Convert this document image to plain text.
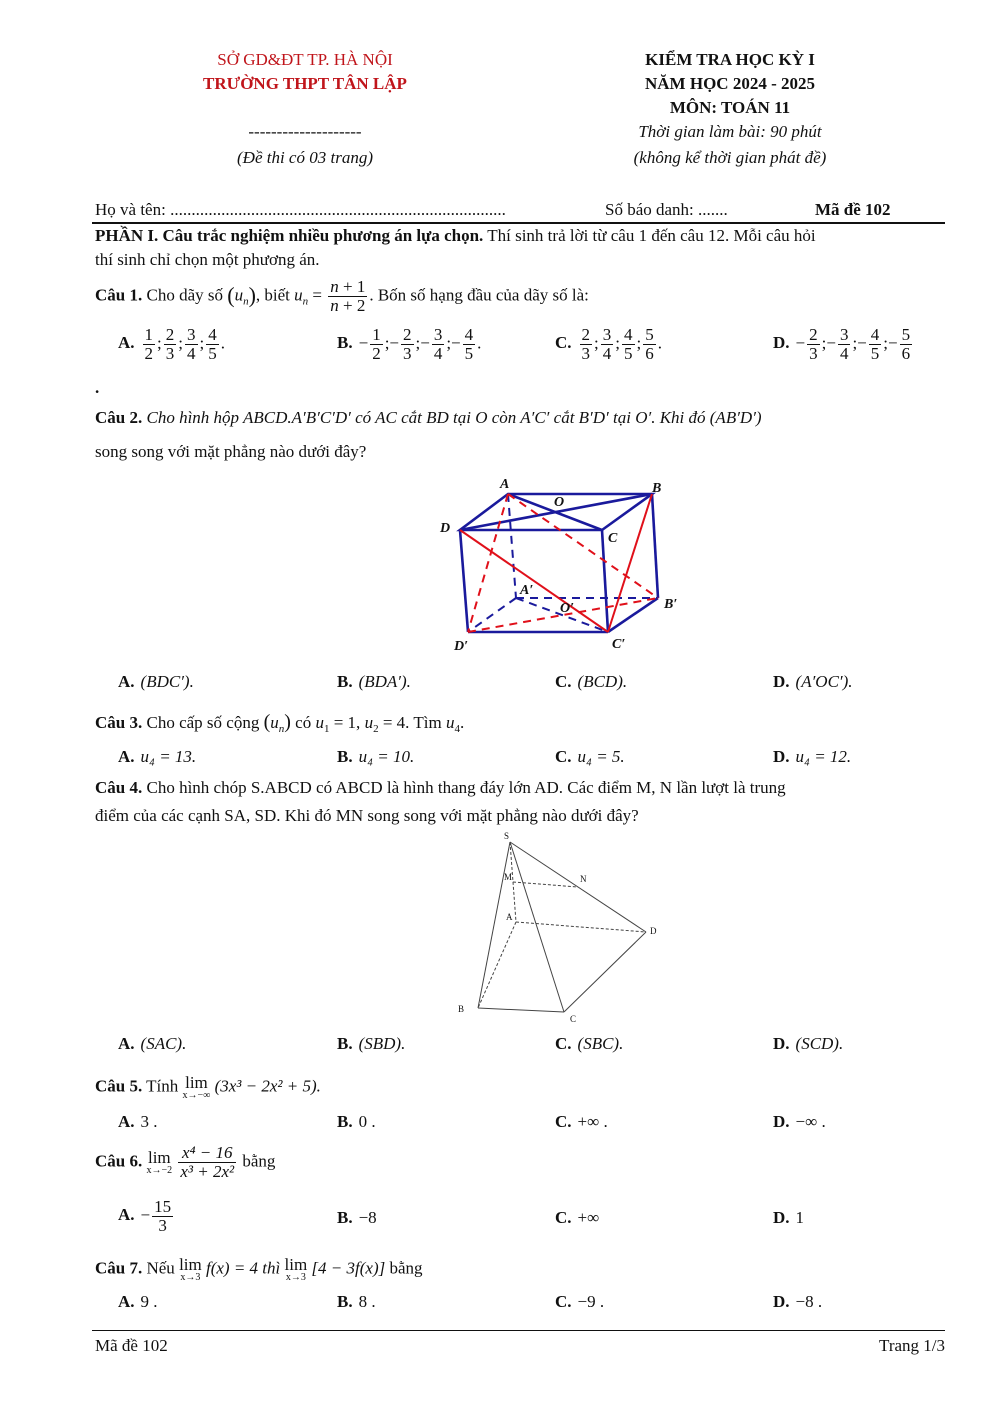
SỞ GD&ĐT TP. HÀ NỘI
TRƯỜNG THPT TÂN LẬP
--------------------
(Đề thi có 03 trang)
KIỂM TRA HỌC KỲ I
NĂM HỌC 2024 - 2025
MÔN: TOÁN 11
Thời gian làm bài: 90 phút
(không kể thời gian phát đề)
Họ và tên: ...............................................................................	Số báo danh: .......	Mã đề 102
PHẦN I. Câu trắc nghiệm nhiều phương án lựa chọn. Thí sinh trả lời từ câu 1 đến câu 12. Mỗi câu hỏi
thí sinh chỉ chọn một phương án.
Câu 1. Cho dãy số $(u_n)$, biết $u_n = \frac{n + 1}{n + 2}$ . Bốn số hạng đầu của dãy số là:
A. $\frac{1}{2}$ ; $\frac{2}{3}$ ; $\frac{3}{4}$ ; $\frac{4}{5}$ .	B. − $\frac{1}{2}$ ;− $\frac{2}{3}$ ;− $\frac{3}{4}$ ;− $\frac{4}{5}$ .	C. $\frac{2}{3}$ ; $\frac{3}{4}$ ; $\frac{4}{5}$ ; $\frac{5}{6}$ .	D. − $\frac{2}{3}$ ;− $\frac{3}{4}$ ;− $\frac{4}{5}$ ;− $\frac{5}{6}$
.
Câu 2. Cho hình hộp ABCD.A′B′C′D′ có AC cắt BD tại O còn A′C′ cắt B′D′ tại O′. Khi đó (AB′D′)
song song với mặt phẳng nào dưới đây?
A
O
B
D
C
A′
O′	B′
D′	C′
A. (BDC′).	B. (BDA′).	C. (BCD).	D. (A′OC′).
Câu 3. Cho cấp số cộng $(u_n)$ có $u_1 = 1$, $u_2 = 4$. Tìm $u_4$.
A. u₄ = 13.	B. u₄ = 10.	C. u₄ = 5.	D. u₄ = 12.
Câu 4. Cho hình chóp S.ABCD có ABCD là hình thang đáy lớn AD. Các điểm M, N lần lượt là trung
điểm của các cạnh SA, SD. Khi đó MN song song với mặt phẳng nào dưới đây?
S
M	N
A
D
B
C
A. (SAC).	B. (SBD).	C. (SBC).	D. (SCD).
Câu 5. Tính lim
x→−∞
(3x³ − 2x² + 5).
A. 3 .	B. 0 .	C. +∞ .	D. −∞ .
Câu 6. lim
x→−2
$\frac{\text{x⁴ − 16}}{\text{x³ + 2x²}}$ bằng
A. − $\frac{15}{3}$	B. −8	C. +∞	D. 1
Câu 7. Nếu lim
x→3
f(x) = 4 thì lim
x→3
[4 − 3f(x)] bằng
A. 9 .	B. 8 .	C. −9 .	D. −8 .
Mã đề 102	Trang 1/3
